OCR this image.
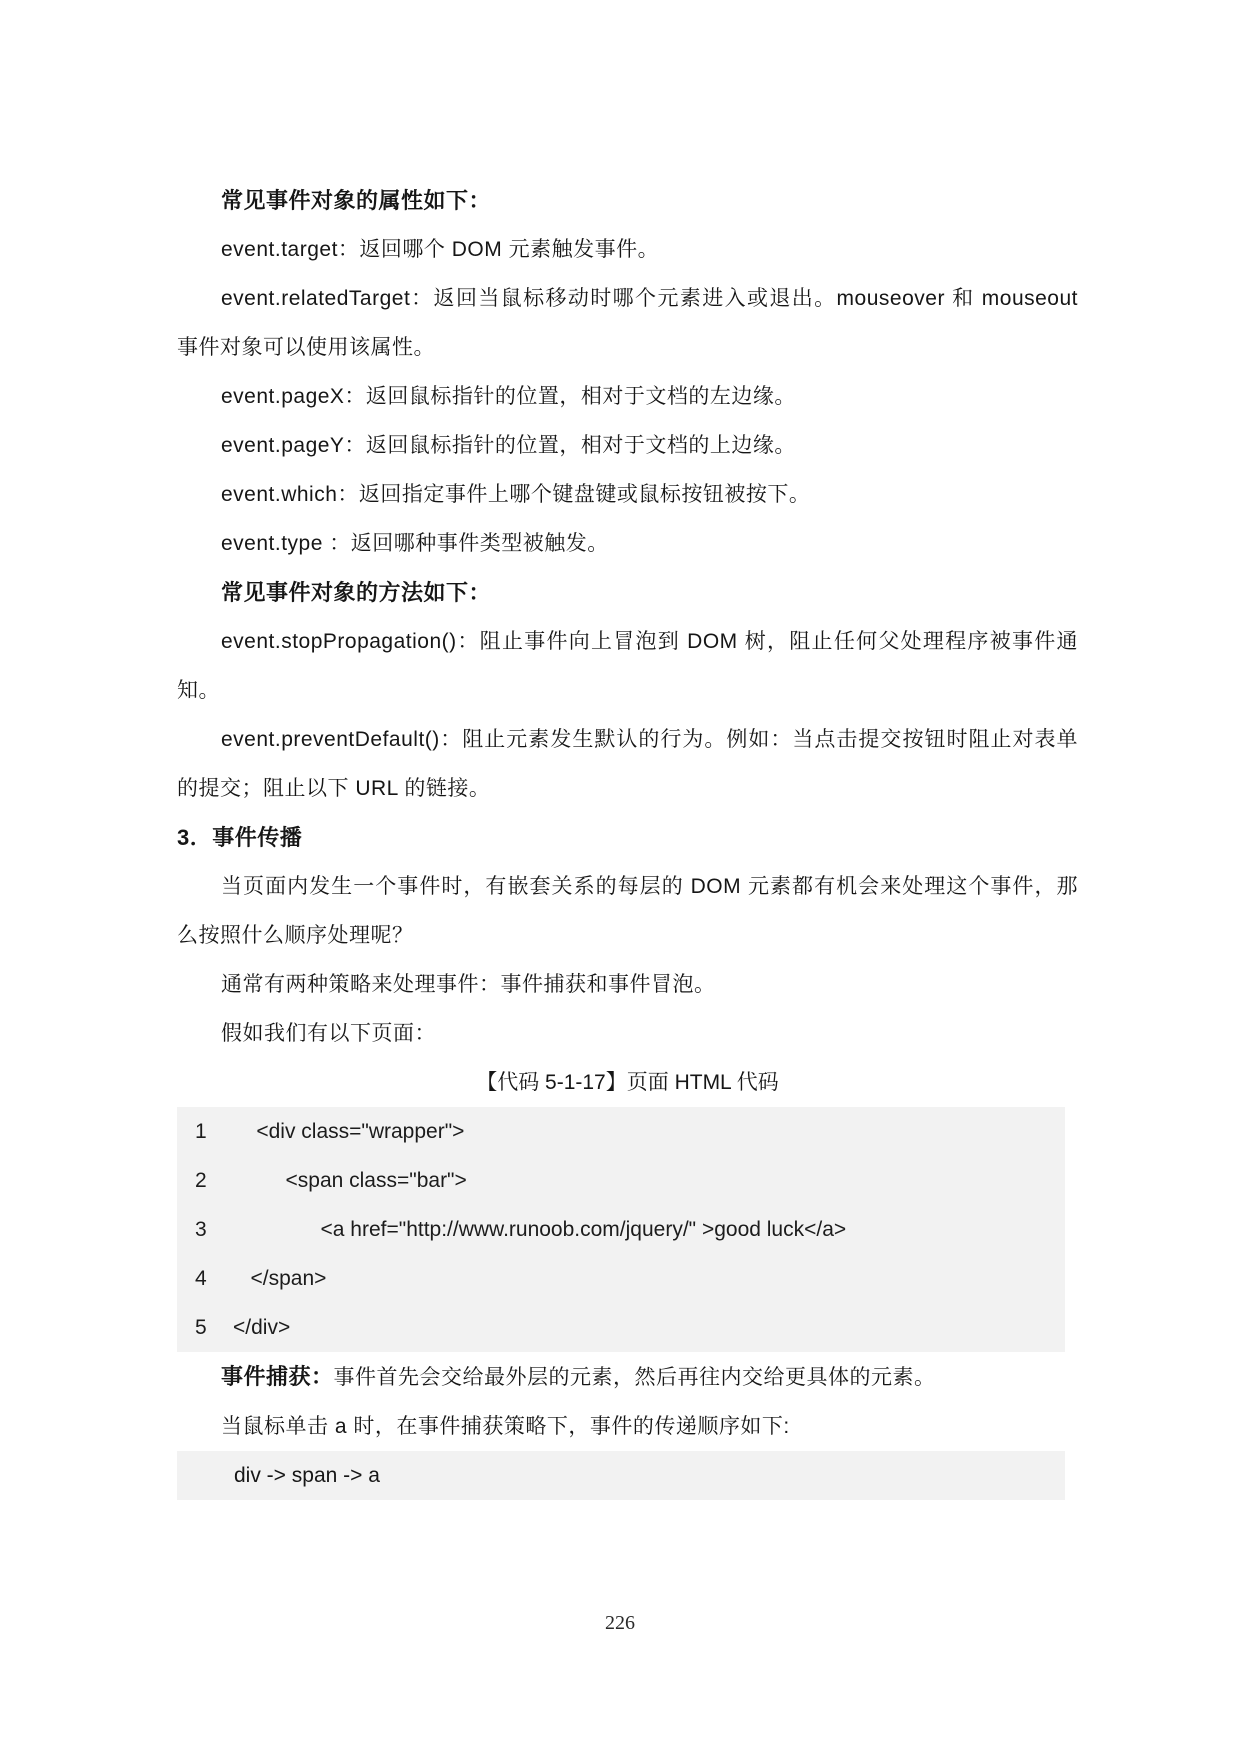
常见事件对象的属性如下：

event.target：返回哪个 DOM 元素触发事件。

event.relatedTarget：返回当鼠标移动时哪个元素进入或退出。mouseover 和 mouseout事件对象可以使用该属性。

event.pageX：返回鼠标指针的位置，相对于文档的左边缘。

event.pageY：返回鼠标指针的位置，相对于文档的上边缘。

event.which：返回指定事件上哪个键盘键或鼠标按钮被按下。

event.type ：返回哪种事件类型被触发。

常见事件对象的方法如下：

event.stopPropagation()：阻止事件向上冒泡到 DOM 树，阻止任何父处理程序被事件通知。

event.preventDefault()：阻止元素发生默认的行为。例如：当点击提交按钮时阻止对表单的提交；阻止以下 URL 的链接。

3．事件传播

当页面内发生一个事件时，有嵌套关系的每层的 DOM 元素都有机会来处理这个事件，那么按照什么顺序处理呢？

通常有两种策略来处理事件：事件捕获和事件冒泡。

假如我们有以下页面：

【代码 5-1-17】页面 HTML 代码

1	<div class="wrapper">
2	<span class="bar">
3	<a href="http://www.runoob.com/jquery/" >good luck</a>
4	</span>
5	</div>

事件捕获：事件首先会交给最外层的元素，然后再往内交给更具体的元素。

当鼠标单击 a 时，在事件捕获策略下，事件的传递顺序如下:

div -> span -> a
226
